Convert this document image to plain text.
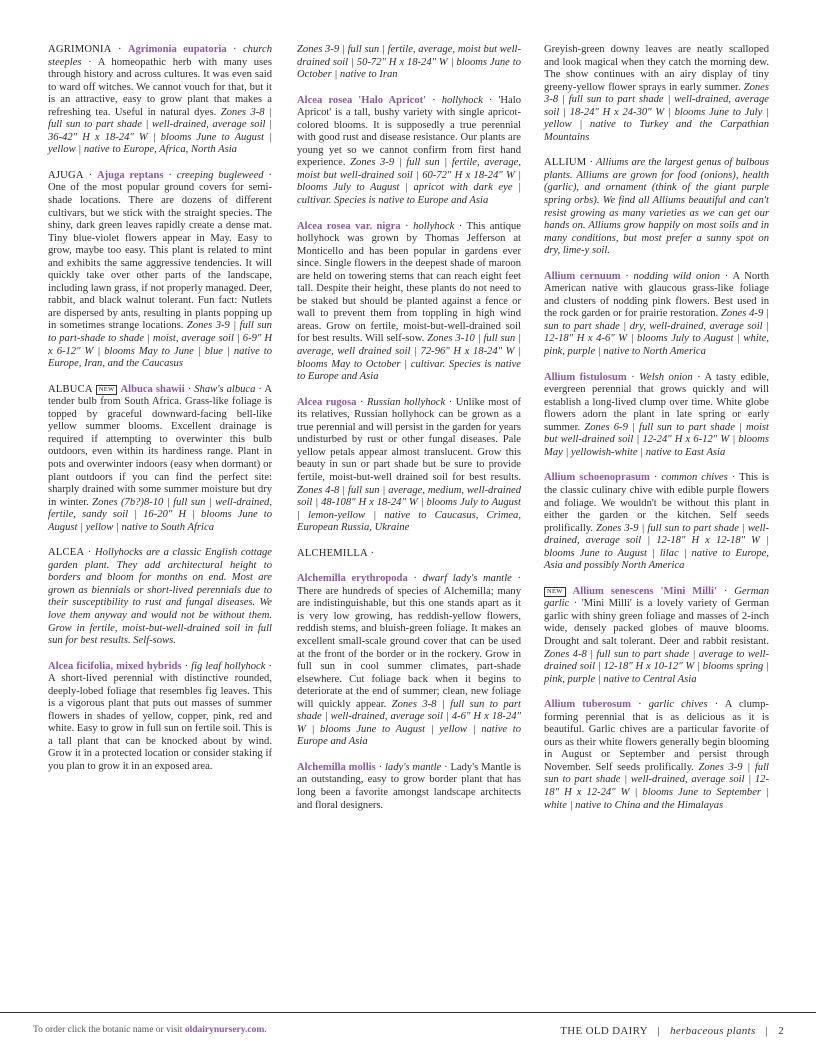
AGRIMONIA · Agrimonia eupatoria · church steeples · A homeopathic herb with many uses through history and across cultures. It was even said to ward off witches. We cannot vouch for that, but it is an attractive, easy to grow plant that makes a refreshing tea. Useful in natural dyes. Zones 3-8 | full sun to part shade | well-drained, average soil | 36-42" H x 18-24" W | blooms June to August | yellow | native to Europe, Africa, North Asia

AJUGA · Ajuga reptans · creeping bugleweed · One of the most popular ground covers for semi-shade locations. There are dozens of different cultivars, but we stick with the straight species. The shiny, dark green leaves rapidly create a dense mat. Tiny blue-violet flowers appear in May. Easy to grow, maybe too easy. This plant is related to mint and exhibits the same aggressive tendencies. It will quickly take over other parts of the landscape, including lawn grass, if not properly managed. Deer, rabbit, and black walnut tolerant. Fun fact: Nutlets are dispersed by ants, resulting in plants popping up in sometimes strange locations. Zones 3-9 | full sun to part-shade to shade | moist, average soil | 6-9" H x 6-12" W | blooms May to June | blue | native to Europe, Iran, and the Caucasus

ALBUCA NEW Albuca shawii · Shaw's albuca · A tender bulb from South Africa. Grass-like foliage is topped by graceful downward-facing bell-like yellow summer blooms. Excellent drainage is required if attempting to overwinter this bulb outdoors, even within its hardiness range. Plant in pots and overwinter indoors (easy when dormant) or plant outdoors if you can find the perfect site: sharply drained with some summer moisture but dry in winter. Zones (7b?)8-10 | full sun | well-drained, fertile, sandy soil | 16-20" H | blooms June to August | yellow | native to South Africa

ALCEA · Hollyhocks are a classic English cottage garden plant. They add architectural height to borders and bloom for months on end. Most are grown as biennials or short-lived perennials due to their susceptibility to rust and fungal diseases. We love them anyway and would not be without them. Grow in fertile, moist-but-well-drained soil in full sun for best results. Self-sows.

Alcea ficifolia, mixed hybrids · fig leaf hollyhock · A short-lived perennial with distinctive rounded, deeply-lobed foliage that resembles fig leaves. This is a vigorous plant that puts out masses of summer flowers in shades of yellow, copper, pink, red and white. Easy to grow in full sun on fertile soil. This is a tall plant that can be knocked about by wind. Grow it in a protected location or consider staking if you plan to grow it in an exposed area.

Zones 3-9 | full sun | fertile, average, moist but well-drained soil | 50-72" H x 18-24" W | blooms June to October | native to Iran

Alcea rosea 'Halo Apricot' · hollyhock · 'Halo Apricot' is a tall, bushy variety with single apricot-colored blooms. It is supposedly a true perennial with good rust and disease resistance. Our plants are young yet so we cannot confirm from first hand experience. Zones 3-9 | full sun | fertile, average, moist but well-drained soil | 60-72" H x 18-24" W | blooms July to August | apricot with dark eye | cultivar. Species is native to Europe and Asia

Alcea rosea var. nigra · hollyhock · This antique hollyhock was grown by Thomas Jefferson at Monticello and has been popular in gardens ever since. Single flowers in the deepest shade of maroon are held on towering stems that can reach eight feet tall. Despite their height, these plants do not need to be staked but should be planted against a fence or wall to prevent them from toppling in high wind areas. Grow on fertile, moist-but-well-drained soil for best results. Will self-sow. Zones 3-10 | full sun | average, well drained soil | 72-96" H x 18-24" W | blooms May to October | cultivar. Species is native to Europe and Asia

Alcea rugosa · Russian hollyhock · Unlike most of its relatives, Russian hollyhock can be grown as a true perennial and will persist in the garden for years undisturbed by rust or other fungal diseases. Pale yellow petals appear almost translucent. Grow this beauty in sun or part shade but be sure to provide fertile, moist-but-well drained soil for best results. Zones 4-8 | full sun | average, medium, well-drained soil | 48-108" H x 18-24" W | blooms July to August | lemon-yellow | native to Caucasus, Crimea, European Russia, Ukraine

ALCHEMILLA ·

Alchemilla erythropoda · dwarf lady's mantle · There are hundreds of species of Alchemilla; many are indistinguishable, but this one stands apart as it is very low growing, has reddish-yellow flowers, reddish stems, and bluish-green foliage. It makes an excellent small-scale ground cover that can be used at the front of the border or in the rockery. Grow in full sun in cool summer climates, part-shade elsewhere. Cut foliage back when it begins to deteriorate at the end of summer; clean, new foliage will quickly appear. Zones 3-8 | full sun to part shade | well-drained, average soil | 4-6" H x 18-24" W | blooms June to August | yellow | native to Europe and Asia

Alchemilla mollis · lady's mantle · Lady's Mantle is an outstanding, easy to grow border plant that has long been a favorite amongst landscape architects and floral designers.

Greyish-green downy leaves are neatly scalloped and look magical when they catch the morning dew. The show continues with an airy display of tiny greeny-yellow flower sprays in early summer. Zones 3-8 | full sun to part shade | well-drained, average soil | 18-24" H x 24-30" W | blooms June to July | yellow | native to Turkey and the Carpathian Mountains

ALLIUM · Alliums are the largest genus of bulbous plants. Alliums are grown for food (onions), health (garlic), and ornament (think of the giant purple spring orbs). We find all Alliums beautiful and can't resist growing as many varieties as we can get our hands on. Alliums grow happily on most soils and in many conditions, but most prefer a sunny spot on dry, lime-y soil.

Allium cernuum · nodding wild onion · A North American native with glaucous grass-like foliage and clusters of nodding pink flowers. Best used in the rock garden or for prairie restoration. Zones 4-9 | sun to part shade | dry, well-drained, average soil | 12-18" H x 4-6" W | blooms July to August | white, pink, purple | native to North America

Allium fistulosum · Welsh onion · A tasty edible, evergreen perennial that grows quickly and will establish a long-lived clump over time. White globe flowers adorn the plant in late spring or early summer. Zones 6-9 | full sun to part shade | moist but well-drained soil | 12-24" H x 6-12" W | blooms May | yellowish-white | native to East Asia

Allium schoenoprasum · common chives · This is the classic culinary chive with edible purple flowers and foliage. We wouldn't be without this plant in either the garden or the kitchen. Self seeds prolifically. Zones 3-9 | full sun to part shade | well-drained, average soil | 12-18" H x 12-18" W | blooms June to August | lilac | native to Europe, Asia and possibly North America

NEW Allium senescens 'Mini Milli' · German garlic · 'Mini Milli' is a lovely variety of German garlic with shiny green foliage and masses of 2-inch wide, densely packed globes of mauve blooms. Drought and salt tolerant. Deer and rabbit resistant. Zones 4-8 | full sun to part shade | average to well-drained soil | 12-18" H x 10-12" W | blooms spring | pink, purple | native to Central Asia

Allium tuberosum · garlic chives · A clump-forming perennial that is as delicious as it is beautiful. Garlic chives are a particular favorite of ours as their white flowers generally begin blooming in August or September and persist through November. Self seeds prolifically. Zones 3-9 | full sun to part shade | well-drained, average soil | 12-18" H x 12-24" W | blooms June to September | white | native to China and the Himalayas

To order click the botanic name or visit oldairynursery.com.	THE OLD DAIRY | herbaceous plants | 2
